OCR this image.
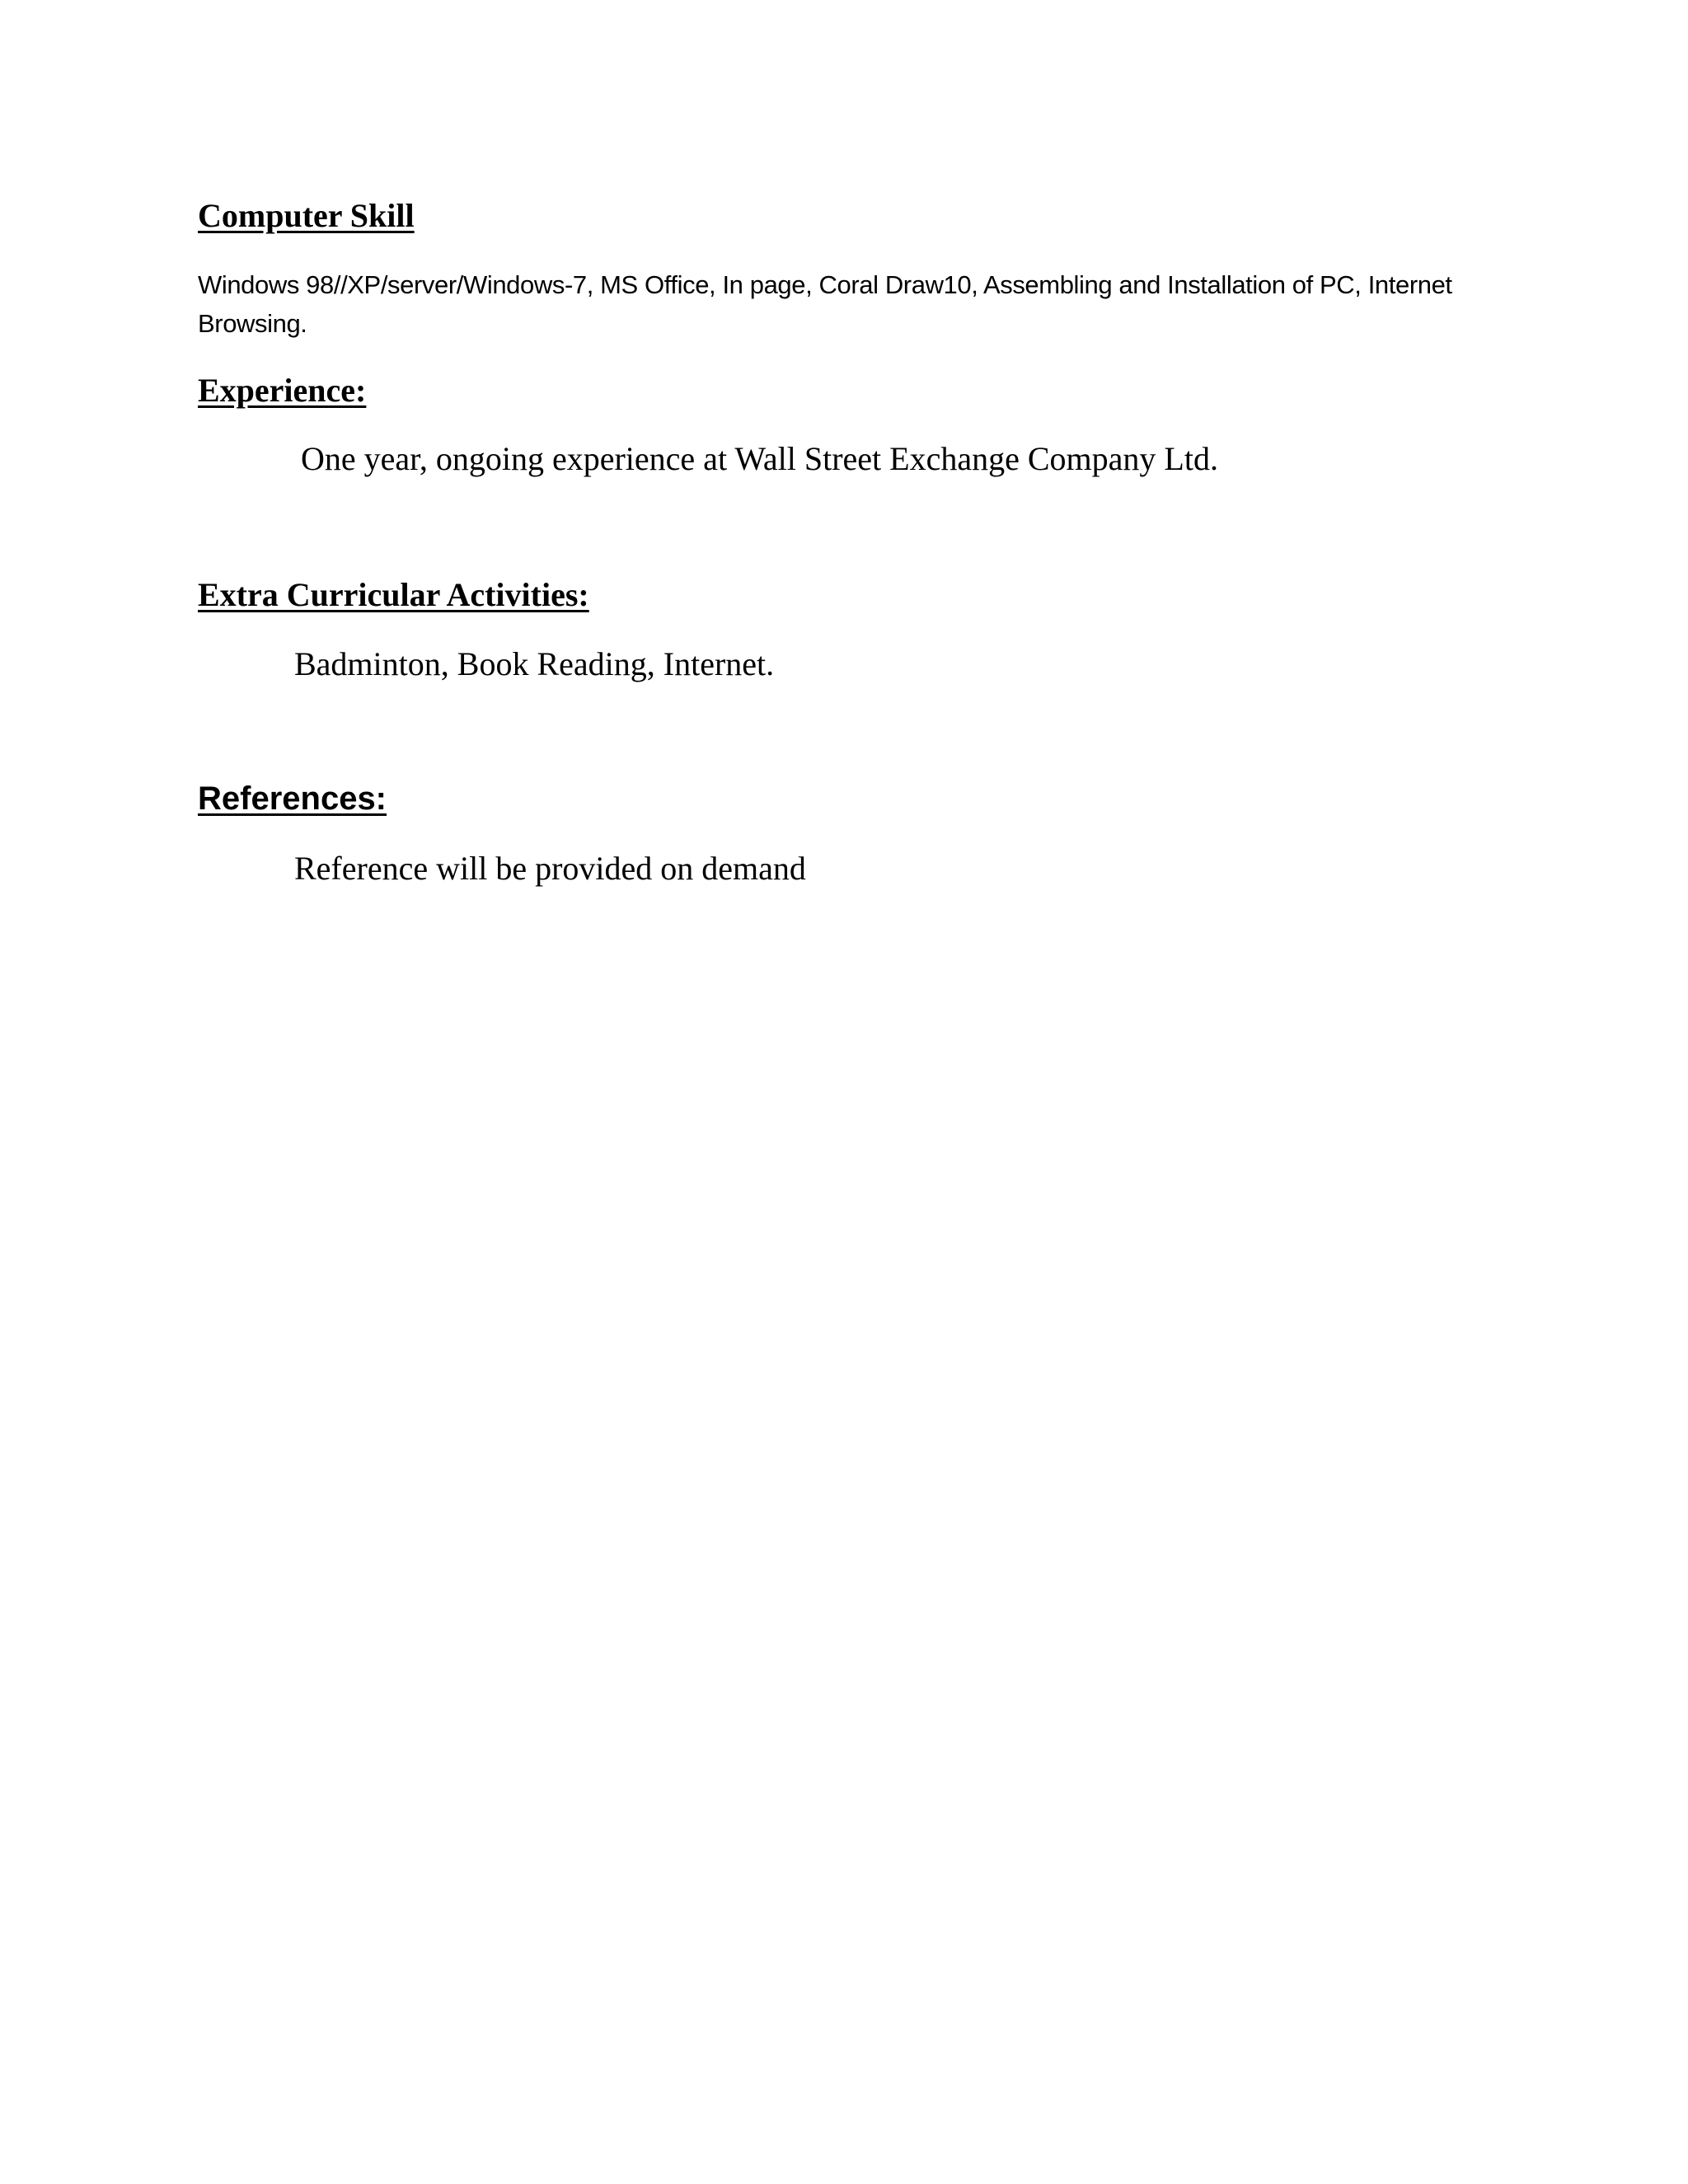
Computer Skill

Windows 98//XP/server/Windows-7, MS Office, In page, Coral Draw10, Assembling and Installation of PC, Internet Browsing.

Experience:

One year, ongoing experience at Wall Street Exchange Company Ltd.

Extra Curricular Activities:

Badminton, Book Reading, Internet.

References:

Reference will be provided on demand
